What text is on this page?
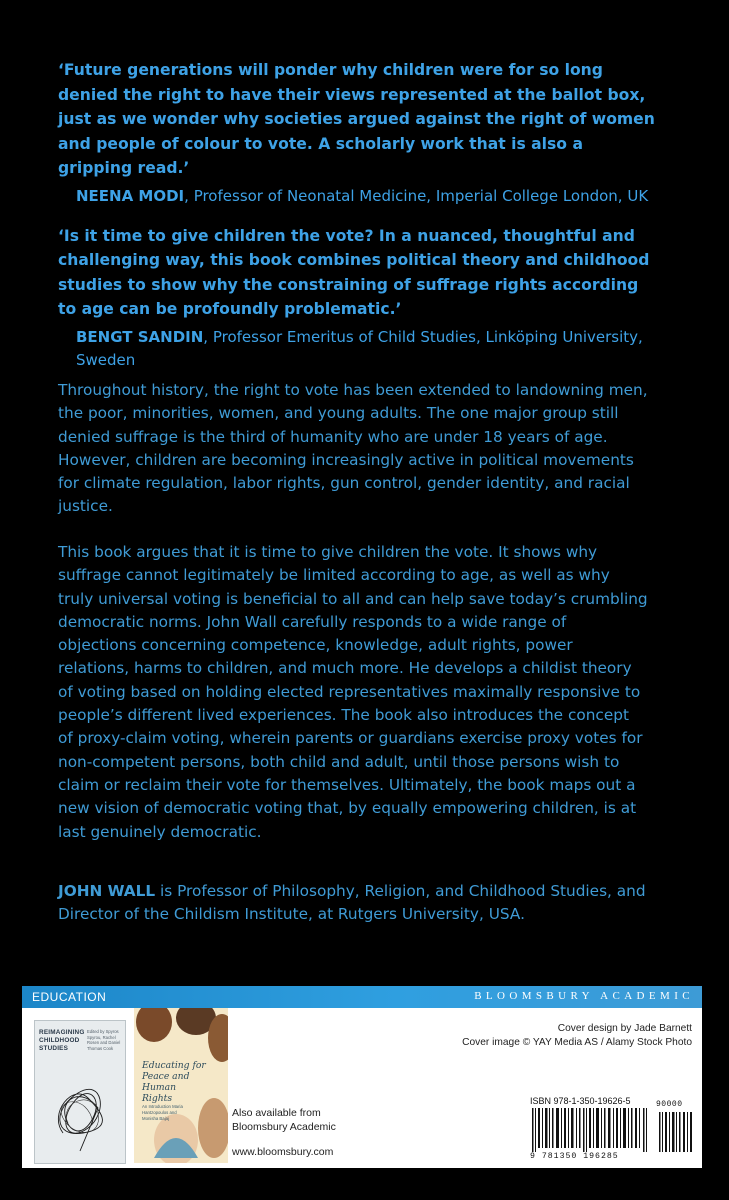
‘Future generations will ponder why children were for so long denied the right to have their views represented at the ballot box, just as we wonder why societies argued against the right of women and people of colour to vote. A scholarly work that is also a gripping read.’

NEENA MODI, Professor of Neonatal Medicine, Imperial College London, UK

‘Is it time to give children the vote? In a nuanced, thoughtful and challenging way, this book combines political theory and childhood studies to show why the constraining of suffrage rights according to age can be profoundly problematic.’

BENGT SANDIN, Professor Emeritus of Child Studies, Linköping University, Sweden

Throughout history, the right to vote has been extended to landowning men, the poor, minorities, women, and young adults. The one major group still denied suffrage is the third of humanity who are under 18 years of age. However, children are becoming increasingly active in political movements for climate regulation, labor rights, gun control, gender identity, and racial justice.

This book argues that it is time to give children the vote. It shows why suffrage cannot legitimately be limited according to age, as well as why truly universal voting is beneficial to all and can help save today’s crumbling democratic norms. John Wall carefully responds to a wide range of objections concerning competence, knowledge, adult rights, power relations, harms to children, and much more. He develops a childist theory of voting based on holding elected representatives maximally responsive to people’s different lived experiences. The book also introduces the concept of proxy-claim voting, wherein parents or guardians exercise proxy votes for non-competent persons, both child and adult, until those persons wish to claim or reclaim their vote for themselves. Ultimately, the book maps out a new vision of democratic voting that, by equally empowering children, is at last genuinely democratic.

JOHN WALL is Professor of Philosophy, Religion, and Childhood Studies, and Director of the Childism Institute, at Rutgers University, USA.

EDUCATION	BLOOMSBURY ACADEMIC
REIMAGINING CHILDHOOD STUDIES
Edited by Spyros Spyrou, Rachel Rosen and Daniel Thomas Cook
Educating for Peace and Human Rights
An Introduction Maria Hantzopoulos and Monisha Bajaj	Also available from
Bloomsbury Academic
www.bloomsbury.com
Cover design by Jade Barnett
Cover image © YAY Media AS / Alamy Stock Photo
ISBN 978-1-350-19626-5
9 781350 196285
90000
